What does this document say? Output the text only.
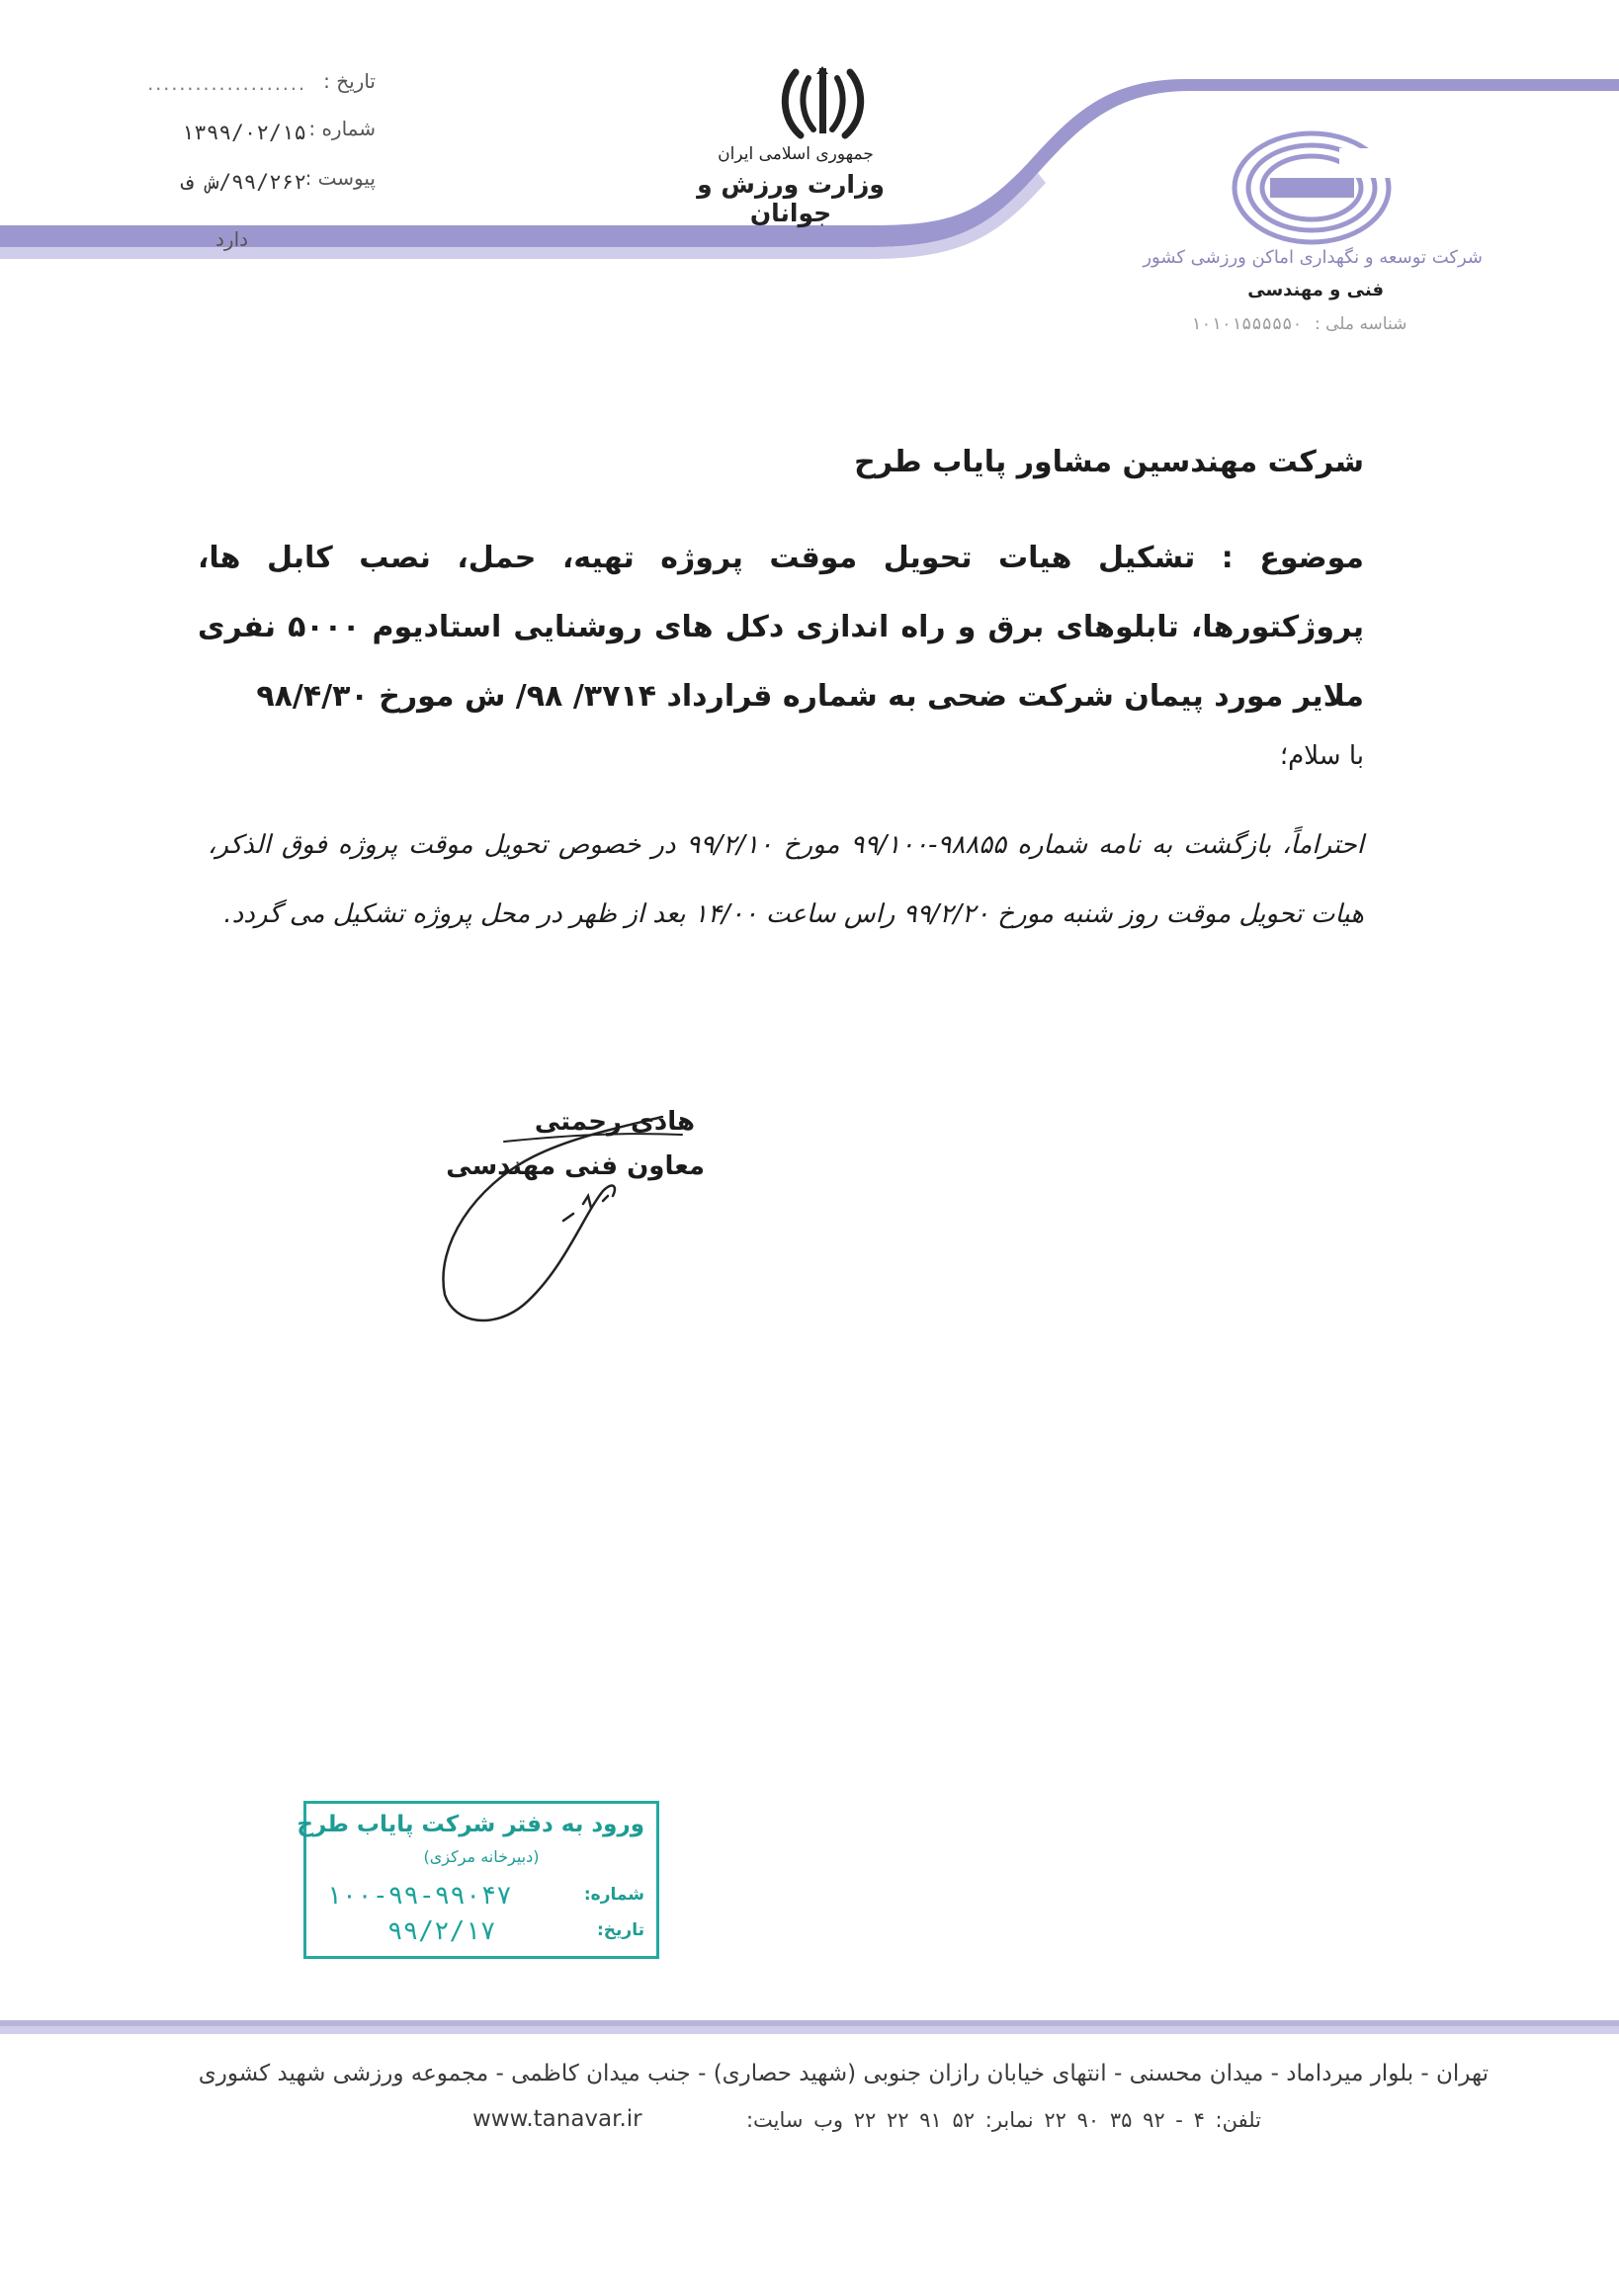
تاریخ :
....................
شماره :
۱۳۹۹/۰۲/۱۵
پیوست :
۹۹/۲۶۲/ش ف
دارد
جمهوری اسلامی ایران
وزارت ورزش و جوانان
شرکت توسعه و نگهداری اماکن ورزشی کشور
فنی و مهندسی
شناسه ملی :
۱۰۱۰۱۵۵۵۵۵۰
شرکت مهندسین مشاور پایاب طرح
موضوع : تشکیل هیات تحویل موقت پروژه تهیه، حمل، نصب کابل ها، پروژکتورها، تابلوهای برق و راه اندازی دکل های روشنایی استادیوم ۵۰۰۰ نفری ملایر مورد پیمان شرکت ضحی به شماره قرارداد ۳۷۱۴/ ۹۸/ ش مورخ ۹۸/۴/۳۰
با سلام؛
احتراماً، بازگشت به نامه شماره ۹۸۸۵۵-۹۹/۱۰۰ مورخ ۹۹/۲/۱۰ در خصوص تحویل موقت پروژه فوق الذکر، هیات تحویل موقت روز شنبه مورخ ۹۹/۲/۲۰ راس ساعت ۱۴/۰۰ بعد از ظهر در محل پروژه تشکیل می گردد.
هادی رحمتی
معاون فنی مهندسی
ورود به دفتر شرکت پایاب طرح
(دبیرخانه مرکزی)
شماره:
۱۰۰-۹۹-۹۹۰۴۷
تاریخ:
۹۹/۲/۱۷
تهران - بلوار میرداماد - میدان محسنی - انتهای خیابان رازان جنوبی (شهید حصاری) - جنب میدان کاظمی - مجموعه ورزشی شهید کشوری
تلفن: ۴ - ۹۲ ۳۵ ۹۰ ۲۲ نمابر: ۵۲ ۹۱ ۲۲ ۲۲ وب سایت:
www.tanavar.ir
